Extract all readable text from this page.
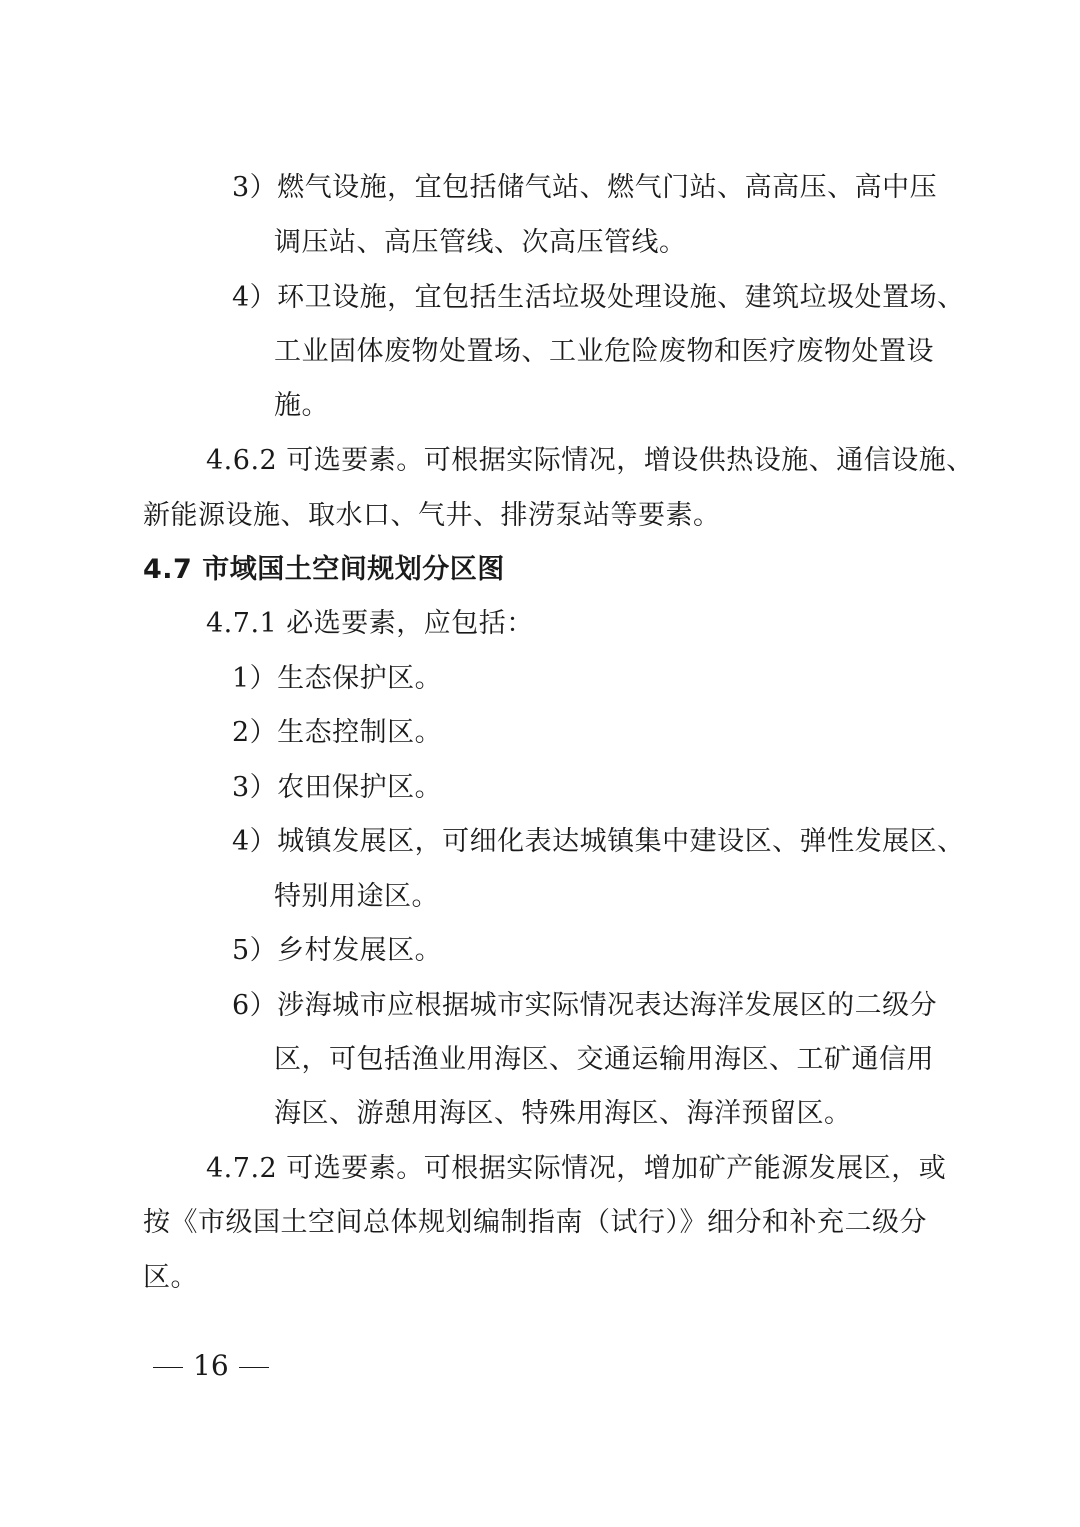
3）燃气设施，宜包括储气站、燃气门站、高高压、高中压
调压站、高压管线、次高压管线。
4）环卫设施，宜包括生活垃圾处理设施、建筑垃圾处置场、
工业固体废物处置场、工业危险废物和医疗废物处置设
施。
4.6.2 可选要素。可根据实际情况，增设供热设施、通信设施、
新能源设施、取水口、气井、排涝泵站等要素。
4.7 市域国土空间规划分区图
4.7.1 必选要素，应包括：
1）生态保护区。
2）生态控制区。
3）农田保护区。
4）城镇发展区，可细化表达城镇集中建设区、弹性发展区、
特别用途区。
5）乡村发展区。
6）涉海城市应根据城市实际情况表达海洋发展区的二级分
区，可包括渔业用海区、交通运输用海区、工矿通信用
海区、游憩用海区、特殊用海区、海洋预留区。
4.7.2 可选要素。可根据实际情况，增加矿产能源发展区，或
按《市级国土空间总体规划编制指南（试行）》细分和补充二级分
区。
16
